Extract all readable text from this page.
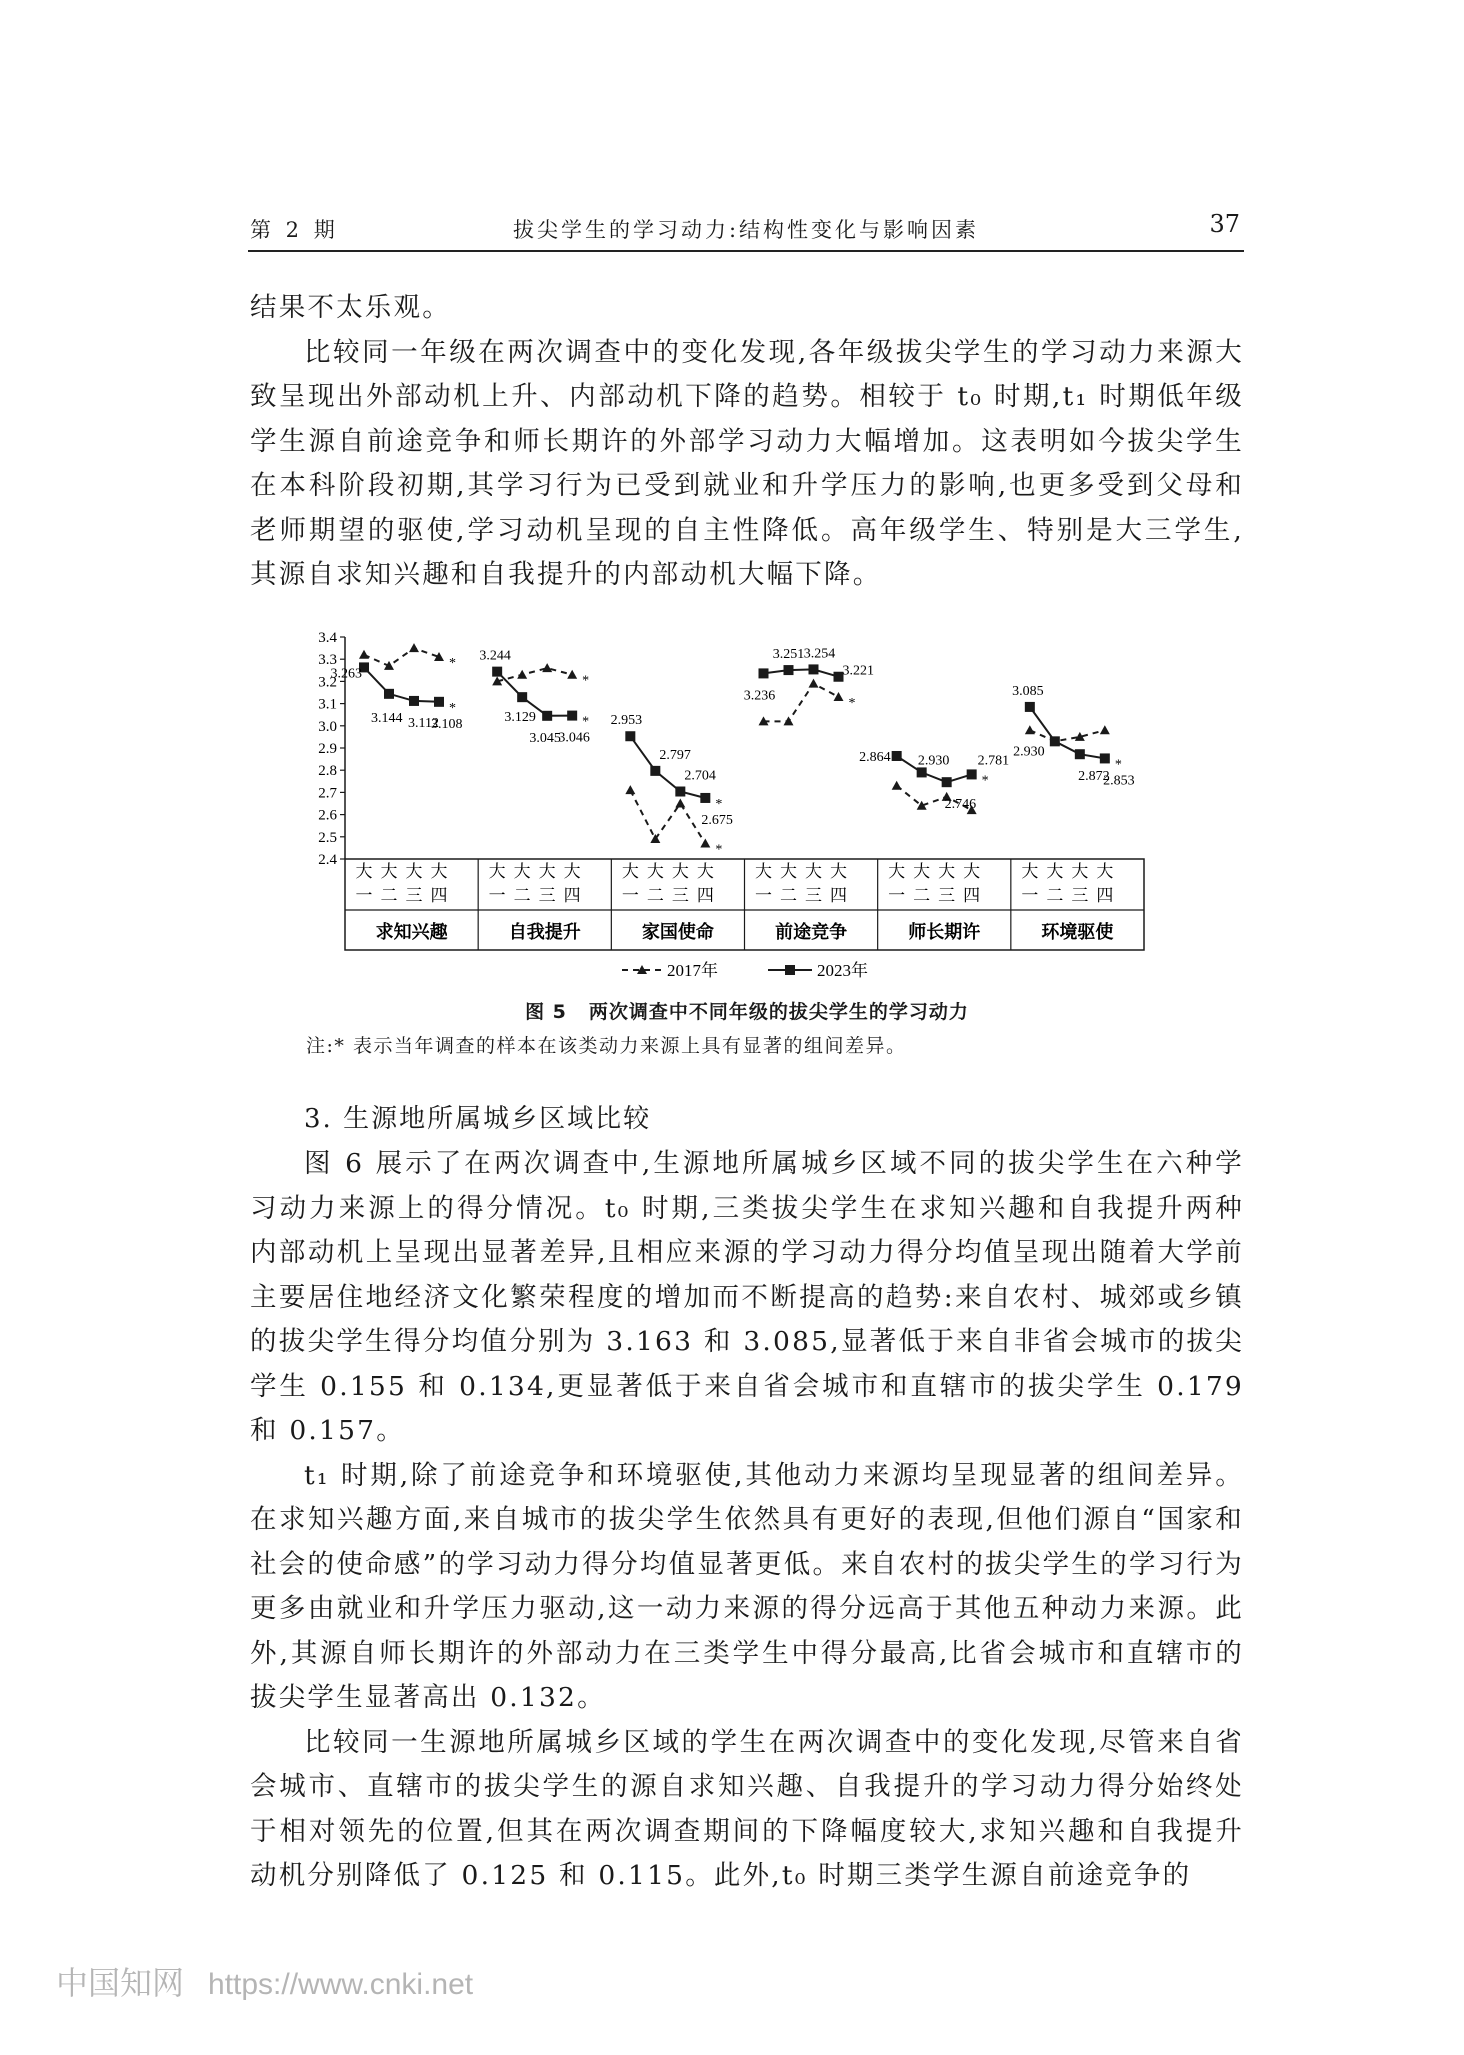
第 2 期	拔尖学生的学习动力:结构性变化与影响因素	37

结果不太乐观。

比较同一年级在两次调查中的变化发现,各年级拔尖学生的学习动力来源大致呈现出外部动机上升、内部动机下降的趋势。相较于 t₀ 时期,t₁ 时期低年级学生源自前途竞争和师长期许的外部学习动力大幅增加。这表明如今拔尖学生在本科阶段初期,其学习行为已受到就业和升学压力的影响,也更多受到父母和老师期望的驱使,学习动机呈现的自主性降低。高年级学生、特别是大三学生,其源自求知兴趣和自我提升的内部动机大幅下降。

3.4
3.3
3.2
3.1
3.0
2.9
2.8
2.7
2.6
2.5
2.4
大
一
大
二
大
三
大
四
求知兴趣
大
一
大
二
大
三
大
四
自我提升
大
一
大
二
大
三
大
四
家国使命
大
一
大
二
大
三
大
四
前途竞争
大
一
大
二
大
三
大
四
师长期许
大
一
大
二
大
三
大
四
环境驱使
*
*
*
*
3.263
3.144 3.112
3.108
*
3.244
3.129
3.045
3.046
* 2.953
2.797
2.704
2.675
*
3.236
3.251 3.254
3.221
2.864 2.930
2.746
2.781
*
3.085
2.930
2.872
2.853
*
2017年	2023年
图 5 两次调查中不同年级的拔尖学生的学习动力
注:* 表示当年调查的样本在该类动力来源上具有显著的组间差异。
3. 生源地所属城乡区域比较

图 6 展示了在两次调查中,生源地所属城乡区域不同的拔尖学生在六种学习动力来源上的得分情况。t₀ 时期,三类拔尖学生在求知兴趣和自我提升两种内部动机上呈现出显著差异,且相应来源的学习动力得分均值呈现出随着大学前主要居住地经济文化繁荣程度的增加而不断提高的趋势:来自农村、城郊或乡镇的拔尖学生得分均值分别为 3.163 和 3.085,显著低于来自非省会城市的拔尖学生 0.155 和 0.134,更显著低于来自省会城市和直辖市的拔尖学生 0.179 和 0.157。

t₁ 时期,除了前途竞争和环境驱使,其他动力来源均呈现显著的组间差异。在求知兴趣方面,来自城市的拔尖学生依然具有更好的表现,但他们源自“国家和社会的使命感”的学习动力得分均值显著更低。来自农村的拔尖学生的学习行为更多由就业和升学压力驱动,这一动力来源的得分远高于其他五种动力来源。此外,其源自师长期许的外部动力在三类学生中得分最高,比省会城市和直辖市的拔尖学生显著高出 0.132。

比较同一生源地所属城乡区域的学生在两次调查中的变化发现,尽管来自省会城市、直辖市的拔尖学生的源自求知兴趣、自我提升的学习动力得分始终处于相对领先的位置,但其在两次调查期间的下降幅度较大,求知兴趣和自我提升动机分别降低了 0.125 和 0.115。此外,t₀ 时期三类学生源自前途竞争的

中国知网 https://www.cnki.net
